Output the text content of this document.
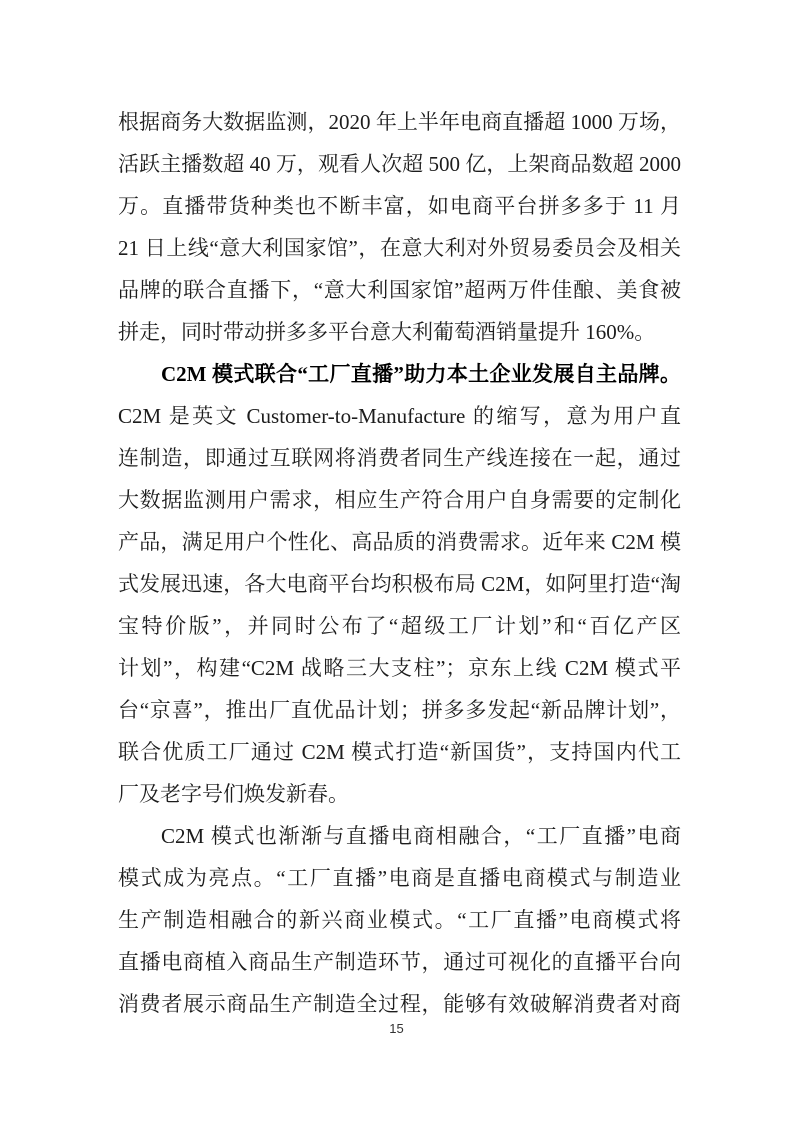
根据商务大数据监测，2020 年上半年电商直播超 1000 万场，
活跃主播数超 40 万，观看人次超 500 亿，上架商品数超 2000
万。直播带货种类也不断丰富，如电商平台拼多多于 11 月
21 日上线“意大利国家馆”，在意大利对外贸易委员会及相关
品牌的联合直播下，“意大利国家馆”超两万件佳酿、美食被
拼走，同时带动拼多多平台意大利葡萄酒销量提升 160%。
C2M 模式联合“工厂直播”助力本土企业发展自主品牌。
C2M 是英文 Customer-to-Manufacture 的缩写，意为用户直
连制造，即通过互联网将消费者同生产线连接在一起，通过
大数据监测用户需求，相应生产符合用户自身需要的定制化
产品，满足用户个性化、高品质的消费需求。近年来 C2M 模
式发展迅速，各大电商平台均积极布局 C2M，如阿里打造“淘
宝特价版”，并同时公布了“超级工厂计划”和“百亿产区
计划”，构建“C2M 战略三大支柱”；京东上线 C2M 模式平
台“京喜”，推出厂直优品计划；拼多多发起“新品牌计划”，
联合优质工厂通过 C2M 模式打造“新国货”，支持国内代工
厂及老字号们焕发新春。
C2M 模式也渐渐与直播电商相融合，“工厂直播”电商
模式成为亮点。“工厂直播”电商是直播电商模式与制造业
生产制造相融合的新兴商业模式。“工厂直播”电商模式将
直播电商植入商品生产制造环节，通过可视化的直播平台向
消费者展示商品生产制造全过程，能够有效破解消费者对商
15
